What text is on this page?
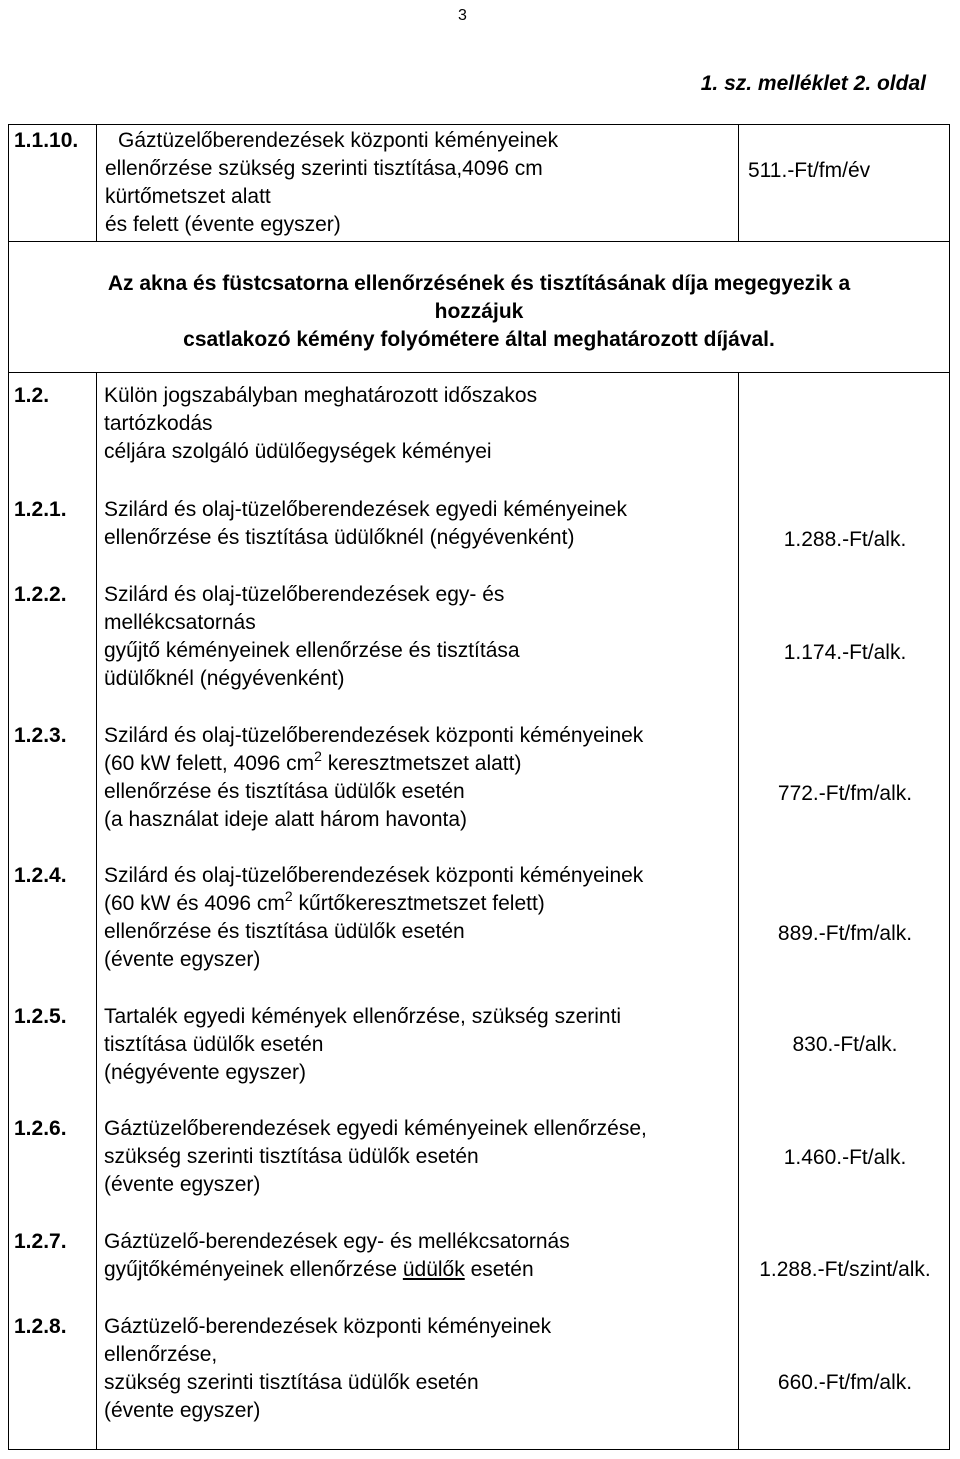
3
1. sz. melléklet 2. oldal
1.1.10. Gáztüzelőberendezések központi kéményeinek
ellenőrzése szükség szerinti tisztítása,4096 cm
kürtőmetszet alatt
és felett (évente egyszer)
511.-Ft/fm/év
Az akna és füstcsatorna ellenőrzésének és tisztításának díja megegyezik a
hozzájuk
csatlakozó kémény folyómétere által meghatározott díjával.
1.2.	Külön jogszabályban meghatározott időszakos
tartózkodás
céljára szolgáló üdülőegységek kéményei
1.2.1. Szilárd és olaj-tüzelőberendezések egyedi kéményeinek
ellenőrzése és tisztítása üdülőknél (négyévenként)	1.288.-Ft/alk.
1.2.2. Szilárd és olaj-tüzelőberendezések egy- és
mellékcsatornás
gyűjtő kéményeinek ellenőrzése és tisztítása
üdülőknél (négyévenként)
1.174.-Ft/alk.
1.2.3. Szilárd és olaj-tüzelőberendezések központi kéményeinek
(60 kW felett, 4096 $cm^2$ keresztmetszet alatt)
ellenőrzése és tisztítása üdülők esetén
(a használat ideje alatt három havonta)
772.-Ft/fm/alk.
1.2.4. Szilárd és olaj-tüzelőberendezések központi kéményeinek
(60 kW és 4096 $cm^2$ kűrtőkeresztmetszet felett)
ellenőrzése és tisztítása üdülők esetén
(évente egyszer)
889.-Ft/fm/alk.
1.2.5. Tartalék egyedi kémények ellenőrzése, szükség szerinti
tisztítása üdülők esetén
(négyévente egyszer)
830.-Ft/alk.
1.2.6. Gáztüzelőberendezések egyedi kéményeinek ellenőrzése,
szükség szerinti tisztítása üdülők esetén
(évente egyszer)
1.460.-Ft/alk.
1.2.7. Gáztüzelő-berendezések egy- és mellékcsatornás
gyűjtőkéményeinek ellenőrzése üdülők esetén	1.288.-Ft/szint/alk.
1.2.8. Gáztüzelő-berendezések központi kéményeinek
ellenőrzése,
szükség szerinti tisztítása üdülők esetén
(évente egyszer)
660.-Ft/fm/alk.
